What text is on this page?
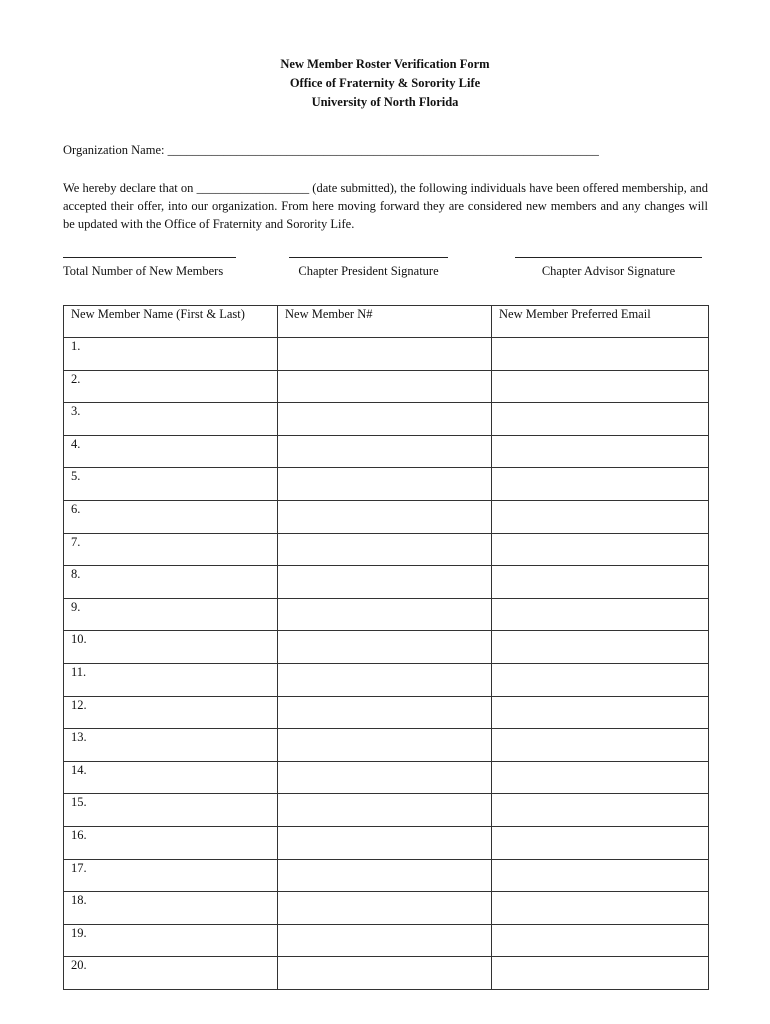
New Member Roster Verification Form
Office of Fraternity & Sorority Life
University of North Florida
Organization Name: _____________________________________________________________________
We hereby declare that on __________________ (date submitted), the following individuals have been offered membership, and accepted their offer, into our organization. From here moving forward they are considered new members and any changes will be updated with the Office of Fraternity and Sorority Life.
Total Number of New Members	Chapter President Signature	Chapter Advisor Signature
New Member Name (First & Last)	New Member N#	New Member Preferred Email
1.		
2.		
3.		
4.		
5.		
6.		
7.		
8.		
9.		
10.		
11.		
12.		
13.		
14.		
15.		
16.		
17.		
18.		
19.		
20.		
